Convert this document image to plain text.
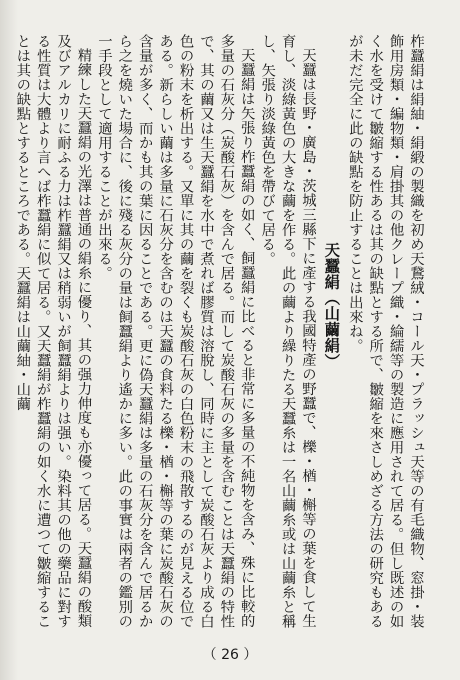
柞蠶絹は絹紬・絹緞の製織を初め天鵞絨・コール天・プラッシュ天等の有毛織物、窓掛・装飾用房類・編物類・肩掛其の他クレープ織・綸繻等の製造に應用されて居る。但し既述の如く水を受けて皺縮する性あるは其の缺點とする所で、皺縮を來さしめざる方法の研究もあるが未だ完全に此の缺點を防止することは出來ね。

天蠶絹（山繭絹）

天蠶は長野・廣島・茨城三縣下に產する我國特產の野蠶で、櫟・楢・槲等の葉を食して生育し、淡綠黃色の大きな繭を作る。此の繭より繰りたる天蠶糸は一名山繭糸或は山繭糸と稱し、矢張り淡綠黃色を帶びて居る。

天蠶絹は矢張り柞蠶絹の如く、飼蠶絹に比べると非常に多量の不純物を含み、殊に比較的多量の石灰分（炭酸石灰）を含んで居る。而して炭酸石灰の多量を含むことは天蠶絹の特性で、其の繭又は生天蠶絹を水中で煮れば膠質は溶脫し、同時に主として炭酸石灰より成る白色の粉末を析出する。又單に其の繭を裂くも炭酸石灰の白色粉末の飛散するのが見える位である。新らしい繭は多量に石灰分を含むのは天蠶の食料たる櫟・楢・槲等の葉に炭酸石灰の含量が多く、而かも其の葉に因ることである。更に偽天蠶絹は多量の石灰分を含んで居るから之を燒いた場合に、後に殘る灰分の量は飼蠶絹より遙かに多い。此の事實は兩者の鑑別の一手段として適用することが出來る。

精練した天蠶絹の光澤は普通の絹糸に優り、其の强力伸度も亦優って居る。天蠶絹の酸類及びアルカリに耐ふる力は柞蠶絹又は稍弱いが飼蠶絹よりは强い。染料其の他の藥品に對する性質は大體より言へば柞蠶絹に似て居る。又天蠶絹が柞蠶絹の如く水に遭つて皺縮することは其の缺點とするところである。天蠶絹は山繭紬・山繭

（ 26 ）
